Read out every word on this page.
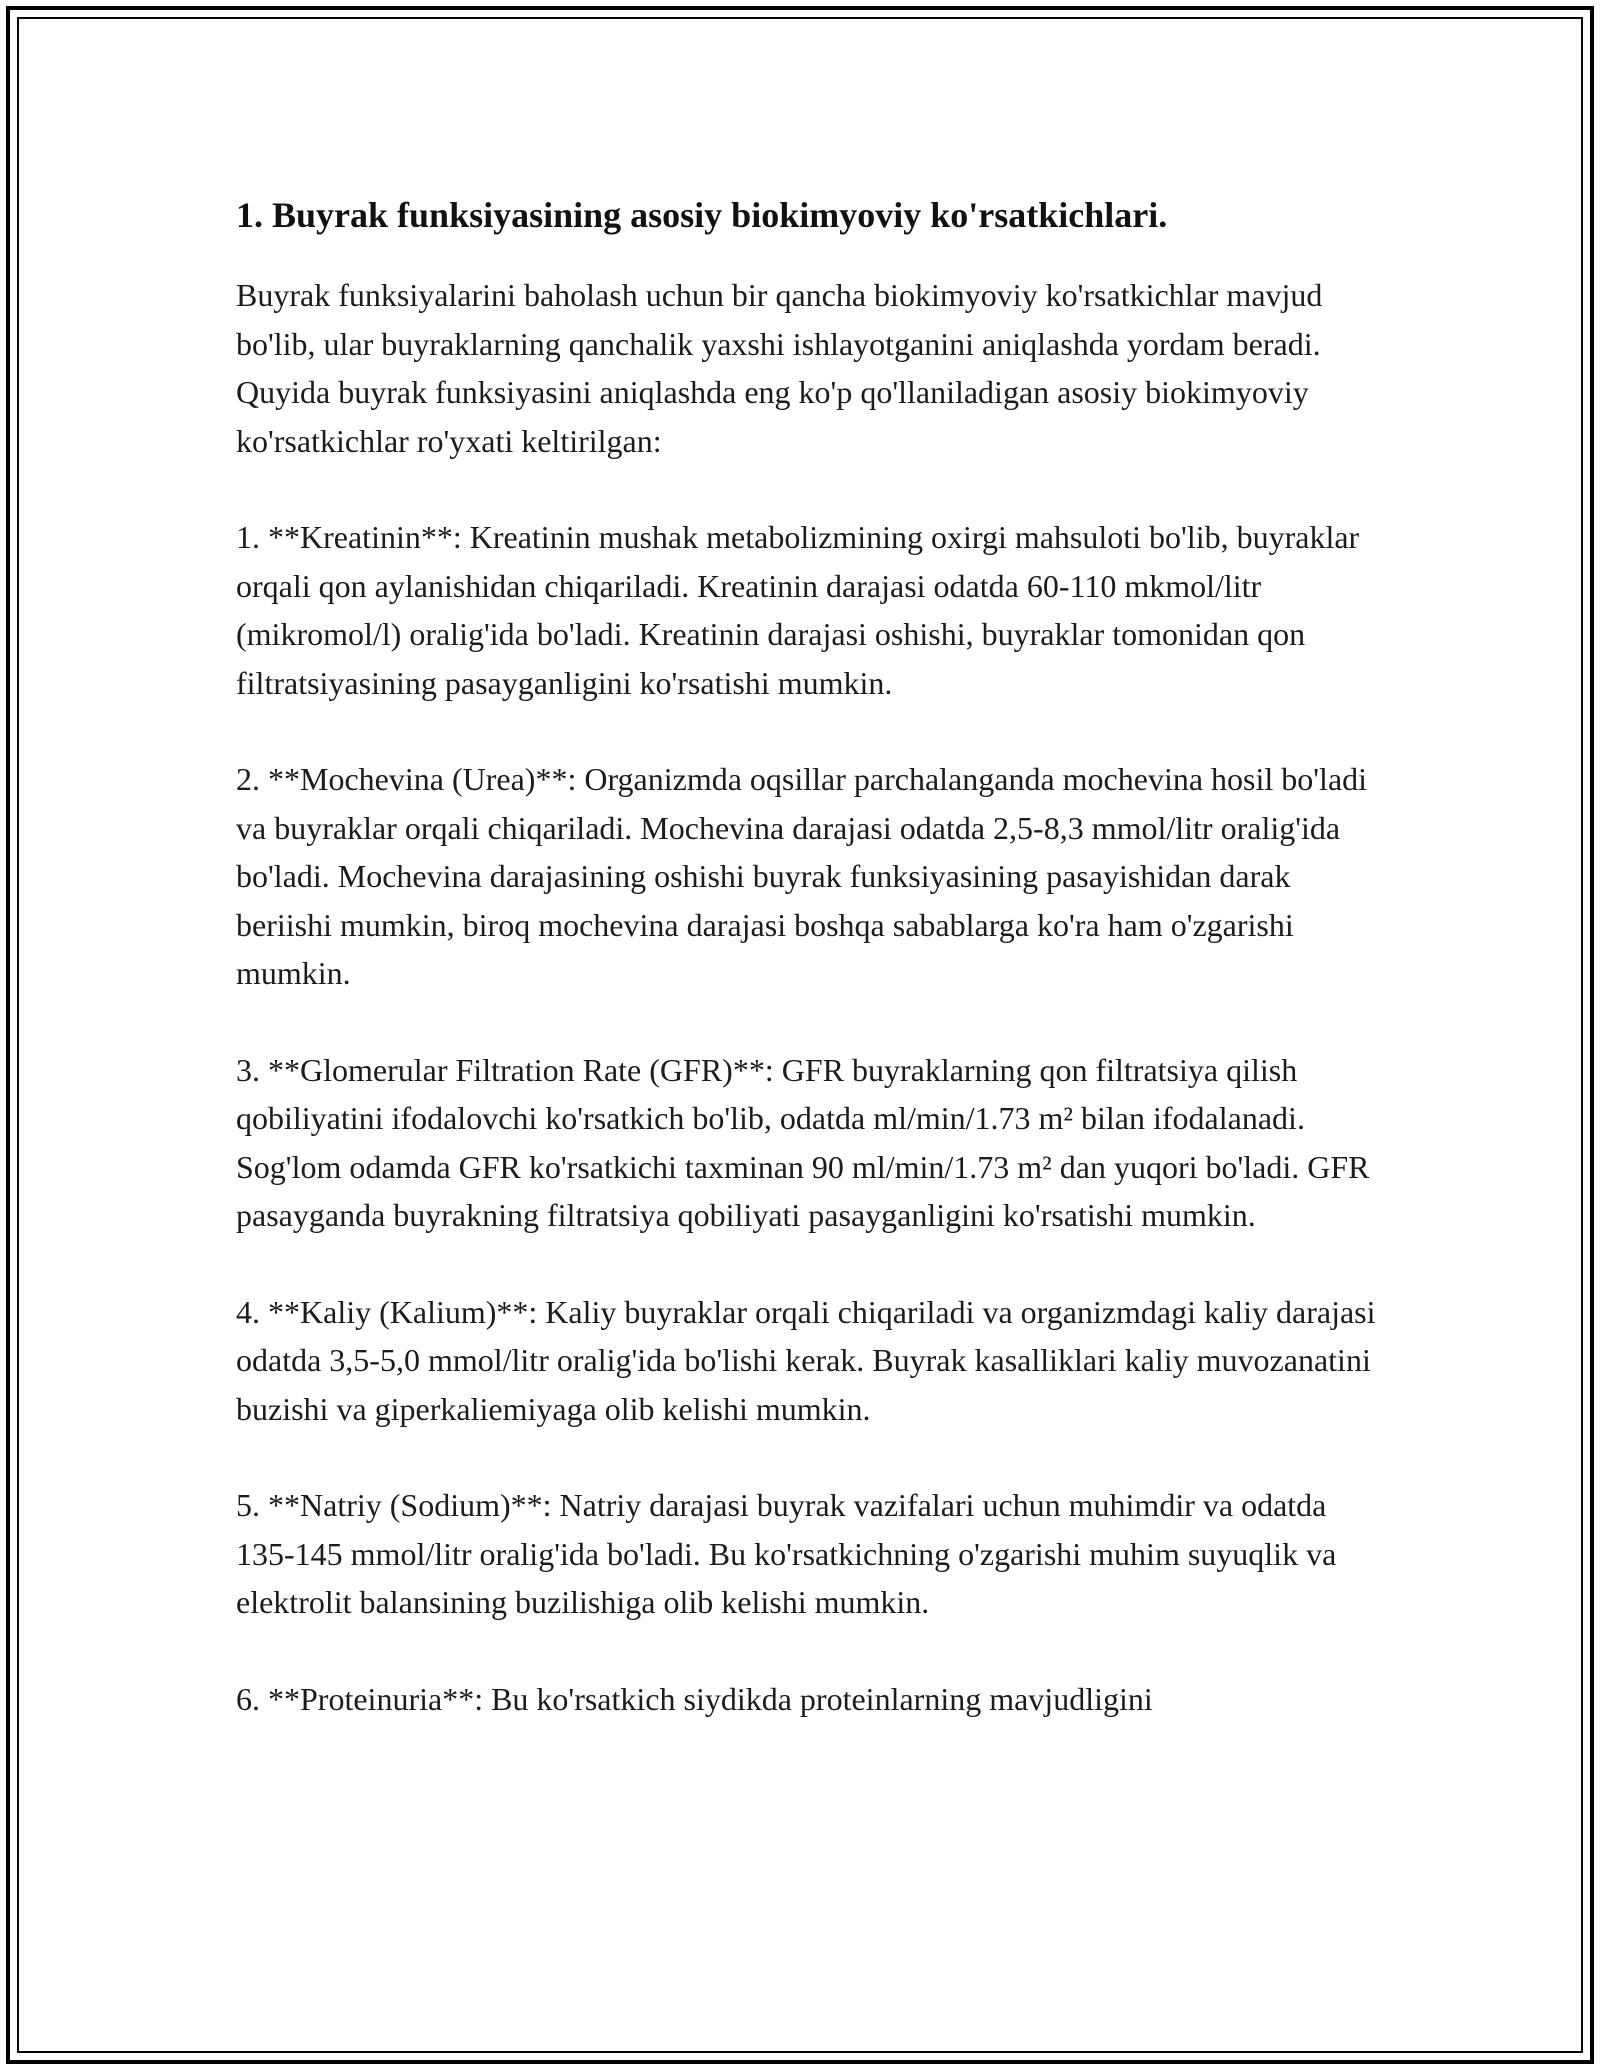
1. Buyrak funksiyasining asosiy biokimyoviy ko'rsatkichlari.

Buyrak funksiyalarini baholash uchun bir qancha biokimyoviy ko'rsatkichlar mavjud bo'lib, ular buyraklarning qanchalik yaxshi ishlayotganini aniqlashda yordam beradi. Quyida buyrak funksiyasini aniqlashda eng ko'p qo'llaniladigan asosiy biokimyoviy ko'rsatkichlar ro'yxati keltirilgan:

1. **Kreatinin**: Kreatinin mushak metabolizmining oxirgi mahsuloti bo'lib, buyraklar orqali qon aylanishidan chiqariladi. Kreatinin darajasi odatda 60-110 mkmol/litr (mikromol/l) oralig'ida bo'ladi. Kreatinin darajasi oshishi, buyraklar tomonidan qon filtratsiyasining pasayganligini ko'rsatishi mumkin.

2. **Mochevina (Urea)**: Organizmda oqsillar parchalanganda mochevina hosil bo'ladi va buyraklar orqali chiqariladi. Mochevina darajasi odatda 2,5-8,3 mmol/litr oralig'ida bo'ladi. Mochevina darajasining oshishi buyrak funksiyasining pasayishidan darak beriishi mumkin, biroq mochevina darajasi boshqa sabablarga ko'ra ham o'zgarishi mumkin.

3. **Glomerular Filtration Rate (GFR)**: GFR buyraklarning qon filtratsiya qilish qobiliyatini ifodalovchi ko'rsatkich bo'lib, odatda ml/min/1.73 m² bilan ifodalanadi. Sog'lom odamda GFR ko'rsatkichi taxminan 90 ml/min/1.73 m² dan yuqori bo'ladi. GFR pasayganda buyrakning filtratsiya qobiliyati pasayganligini ko'rsatishi mumkin.

4. **Kaliy (Kalium)**: Kaliy buyraklar orqali chiqariladi va organizmdagi kaliy darajasi odatda 3,5-5,0 mmol/litr oralig'ida bo'lishi kerak. Buyrak kasalliklari kaliy muvozanatini buzishi va giperkaliemiyaga olib kelishi mumkin.

5. **Natriy (Sodium)**: Natriy darajasi buyrak vazifalari uchun muhimdir va odatda 135-145 mmol/litr oralig'ida bo'ladi. Bu ko'rsatkichning o'zgarishi muhim suyuqlik va elektrolit balansining buzilishiga olib kelishi mumkin.

6. **Proteinuria**: Bu ko'rsatkich siydikda proteinlarning mavjudligini
